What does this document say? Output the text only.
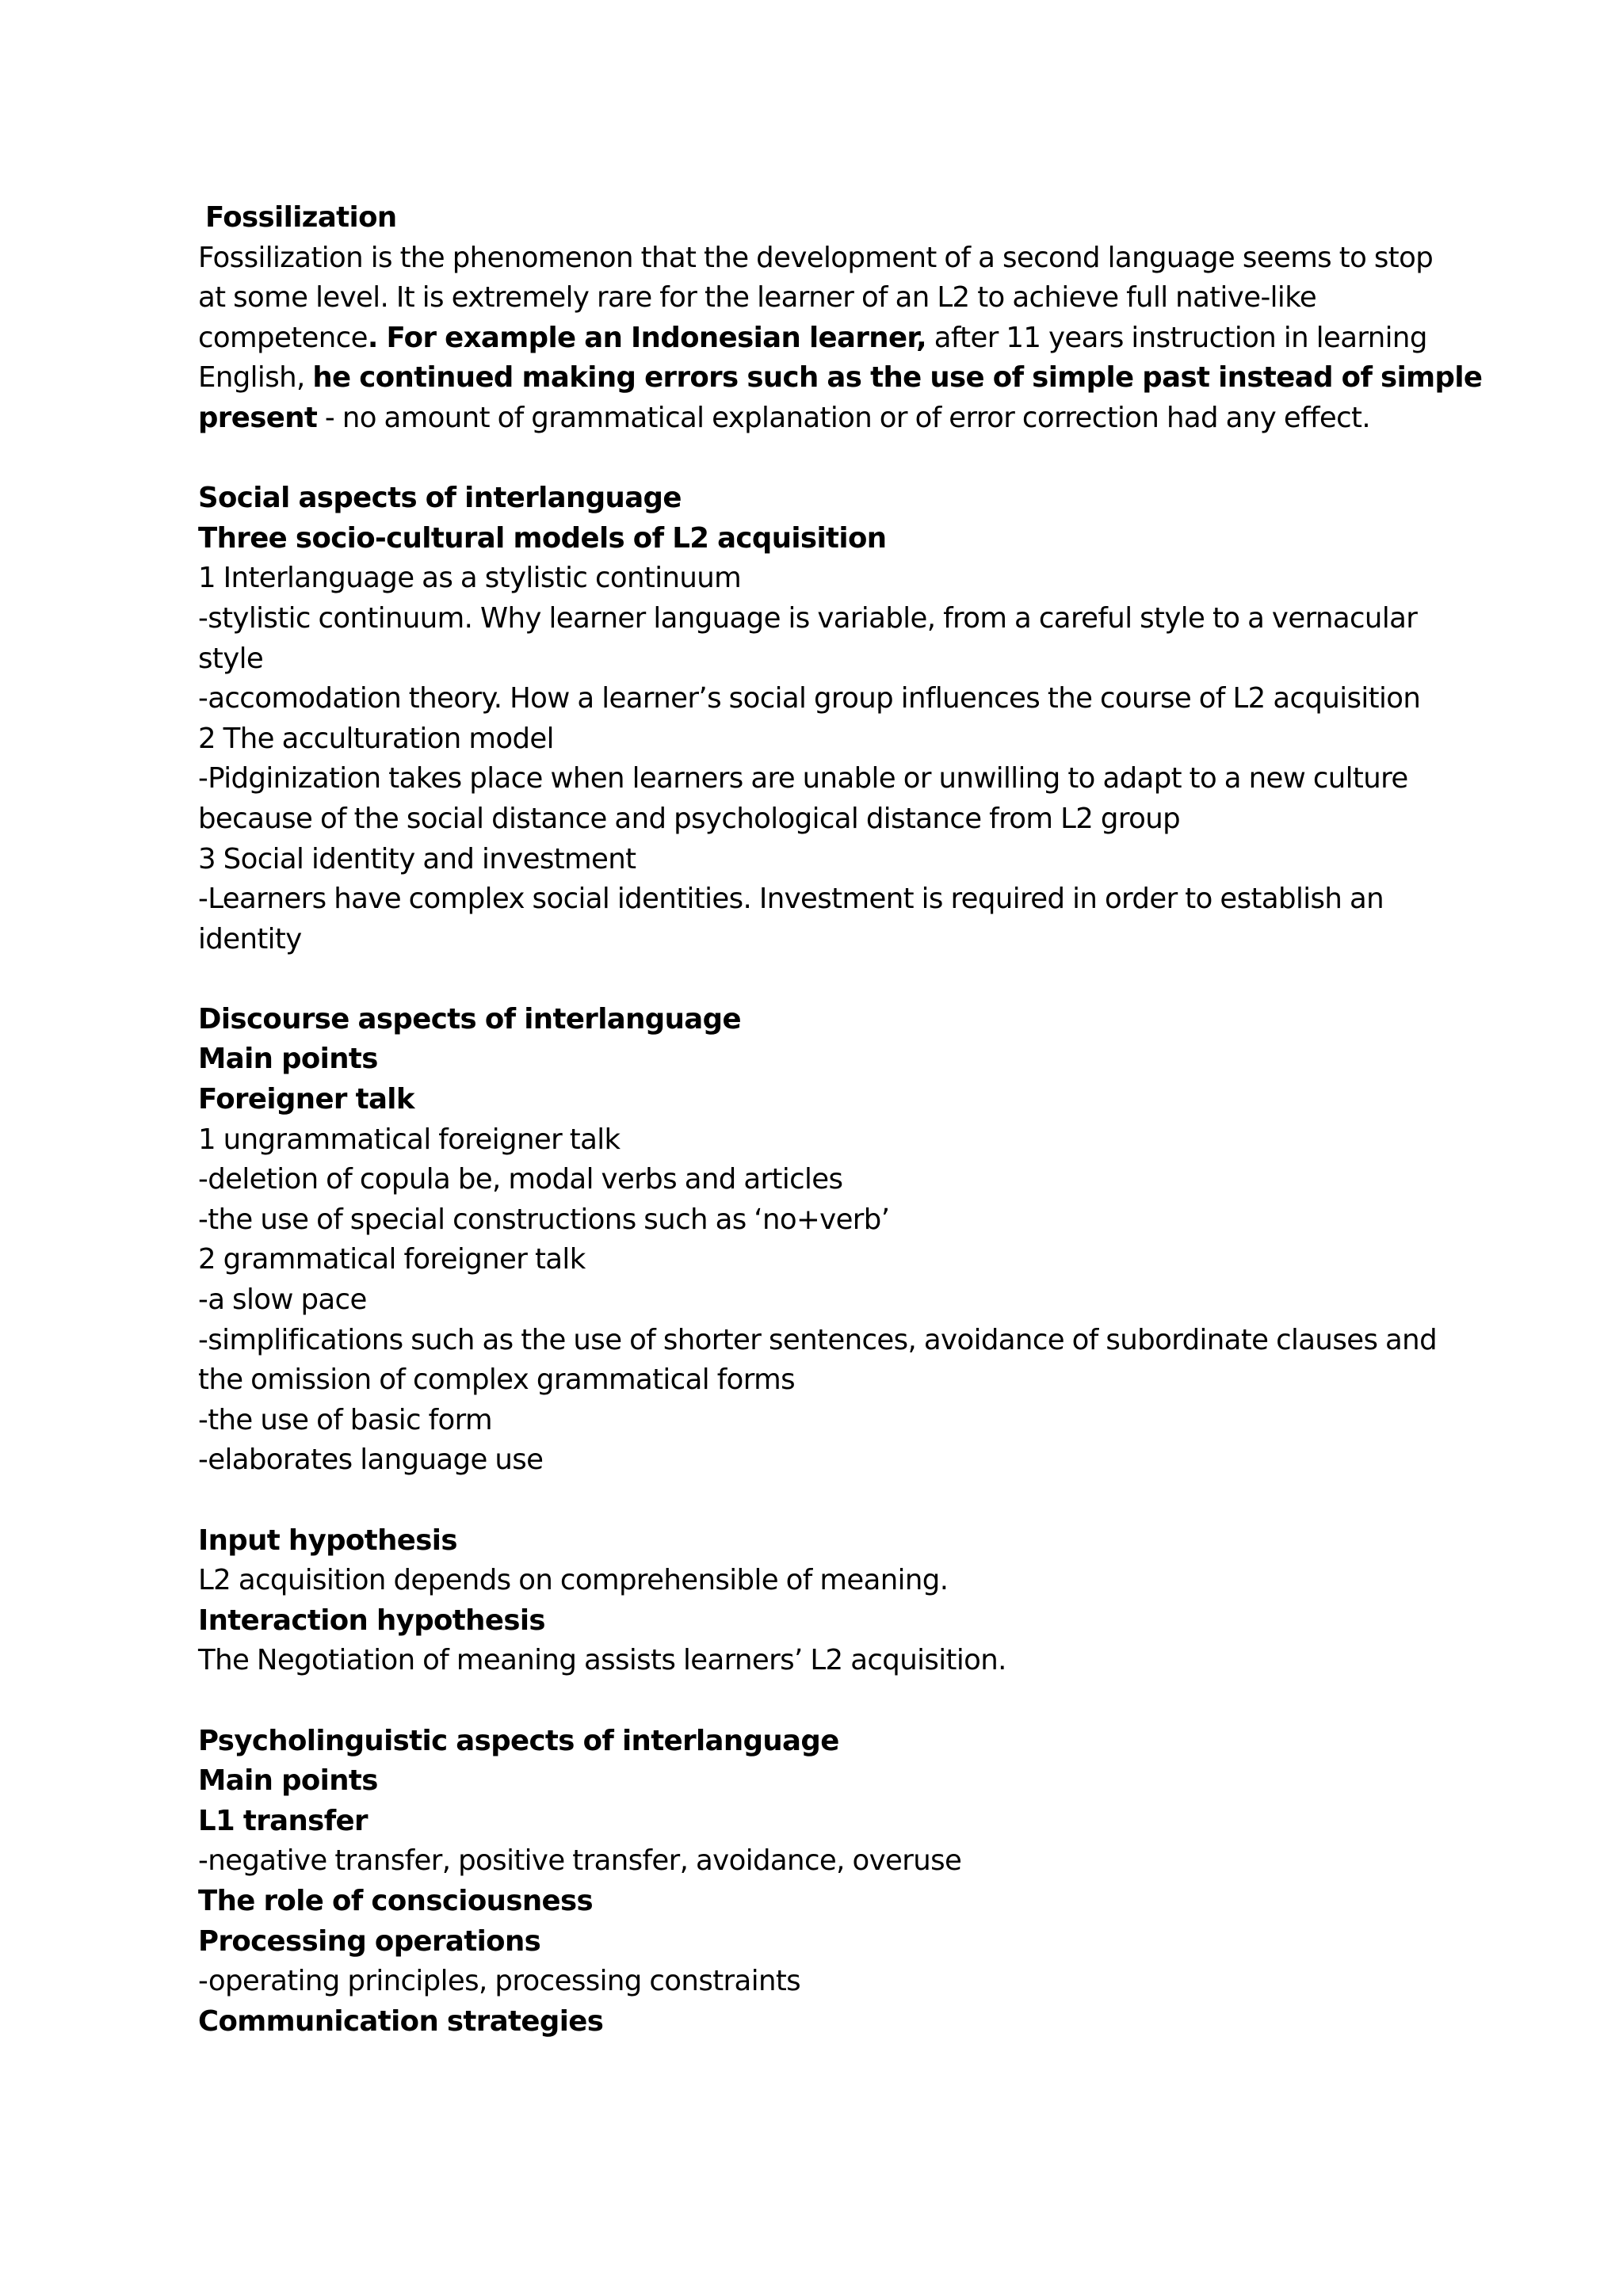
Fossilization
Fossilization is the phenomenon that the development of a second language seems to stop
at some level. It is extremely rare for the learner of an L2 to achieve full native-like
competence. For example an Indonesian learner, after 11 years instruction in learning
English, he continued making errors such as the use of simple past instead of simple
present - no amount of grammatical explanation or of error correction had any effect.
Social aspects of interlanguage
Three socio-cultural models of L2 acquisition
1 Interlanguage as a stylistic continuum
-stylistic continuum. Why learner language is variable, from a careful style to a vernacular
style
-accomodation theory. How a learner’s social group influences the course of L2 acquisition
2 The acculturation model
-Pidginization takes place when learners are unable or unwilling to adapt to a new culture
because of the social distance and psychological distance from L2 group
3 Social identity and investment
-Learners have complex social identities. Investment is required in order to establish an
identity
Discourse aspects of interlanguage
Main points
Foreigner talk
1 ungrammatical foreigner talk
-deletion of copula be, modal verbs and articles
-the use of special constructions such as ‘no+verb’
2 grammatical foreigner talk
-a slow pace
-simplifications such as the use of shorter sentences, avoidance of subordinate clauses and
the omission of complex grammatical forms
-the use of basic form
-elaborates language use
Input hypothesis
L2 acquisition depends on comprehensible of meaning.
Interaction hypothesis
The Negotiation of meaning assists learners’ L2 acquisition.
Psycholinguistic aspects of interlanguage
Main points
L1 transfer
-negative transfer, positive transfer, avoidance, overuse
The role of consciousness
Processing operations
-operating principles, processing constraints
Communication strategies
